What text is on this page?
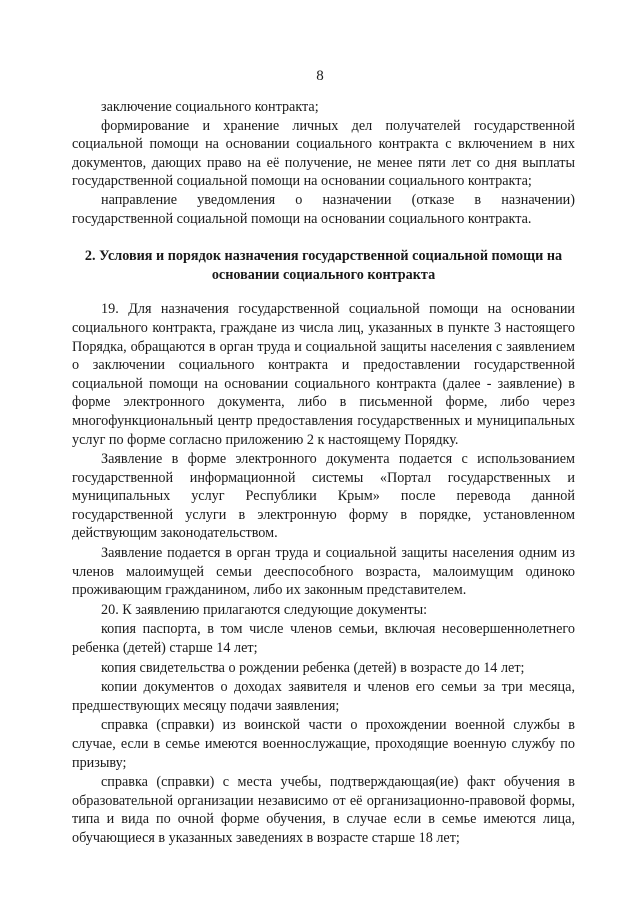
8

заключение социального контракта;

формирование и хранение личных дел получателей государственной социальной помощи на основании социального контракта с включением в них документов, дающих право на её получение, не менее пяти лет со дня выплаты государственной социальной помощи на основании социального контракта;

направление уведомления о назначении (отказе в назначении) государственной социальной помощи на основании социального контракта.

2. Условия и порядок назначения государственной социальной помощи на основании социального контракта

19. Для назначения государственной социальной помощи на основании социального контракта, граждане из числа лиц, указанных в пункте 3 настоящего Порядка, обращаются в орган труда и социальной защиты населения с заявлением о заключении социального контракта и предоставлении государственной социальной помощи на основании социального контракта (далее - заявление) в форме электронного документа, либо в письменной форме, либо через многофункциональный центр предоставления государственных и муниципальных услуг по форме согласно приложению 2 к настоящему Порядку.

Заявление в форме электронного документа подается с использованием государственной информационной системы «Портал государственных и муниципальных услуг Республики Крым» после перевода данной государственной услуги в электронную форму в порядке, установленном действующим законодательством.

Заявление подается в орган труда и социальной защиты населения одним из членов малоимущей семьи дееспособного возраста, малоимущим одиноко проживающим гражданином, либо их законным представителем.

20. К заявлению прилагаются следующие документы:

копия паспорта, в том числе членов семьи, включая несовершеннолетнего ребенка (детей) старше 14 лет;

копия свидетельства о рождении ребенка (детей) в возрасте до 14 лет;

копии документов о доходах заявителя и членов его семьи за три месяца, предшествующих месяцу подачи заявления;

справка (справки) из воинской части о прохождении военной службы в случае, если в семье имеются военнослужащие, проходящие военную службу по призыву;

справка (справки) с места учебы, подтверждающая(ие) факт обучения в образовательной организации независимо от её организационно-правовой формы, типа и вида по очной форме обучения, в случае если в семье имеются лица, обучающиеся в указанных заведениях в возрасте старше 18 лет;
